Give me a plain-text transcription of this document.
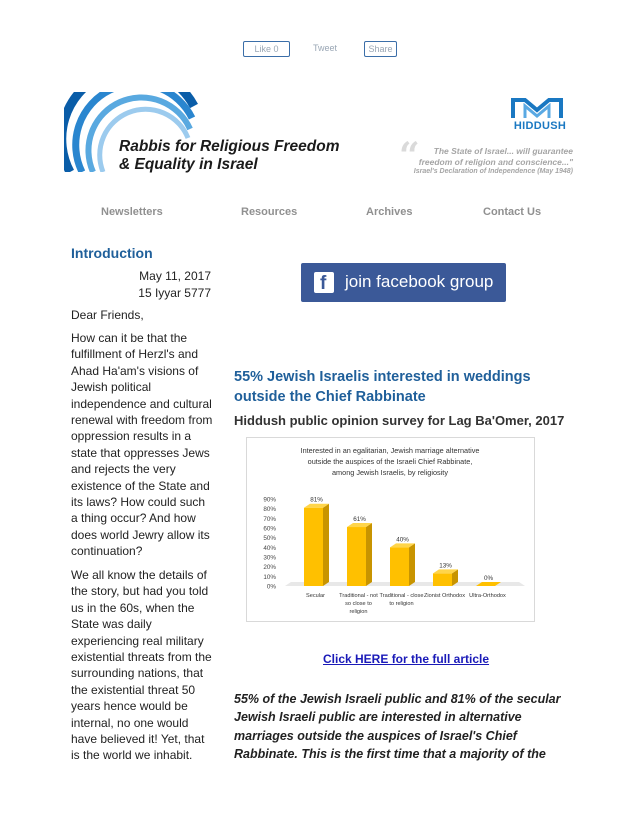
Like 0	Tweet	Share
Rabbis for Religious Freedom
& Equality in Israel
HIDDUSH
“ The State of Israel... will guarantee
freedom of religion and conscience..."
Israel's Declaration of Independence (May 1948)
Newsletters	Resources	Archives	Contact Us
Introduction
May 11, 2017
15 Iyyar 5777
Dear Friends,
How can it be that the fulfillment of Herzl's and Ahad Ha'am's visions of Jewish political independence and cultural renewal with freedom from oppression results in a state that oppresses Jews and rejects the very existence of the State and its laws? How could such a thing occur? And how does world Jewry allow its continuation?
We all know the details of the story, but had you told us in the 60s, when the State was daily experiencing real military existential threats from the surrounding nations, that the existential threat 50 years hence would be internal, no one would have believed it! Yet, that is the world we inhabit.
f join facebook group
55% Jewish Israelis interested in weddings outside the Chief Rabbinate
Hiddush public opinion survey for Lag Ba'Omer, 2017
Interested in an egalitarian, Jewish marriage alternative
outside the auspices of the Israeli Chief Rabbinate,
among Jewish Israelis, by religiosity
0%
10%
20%
30%
40%
50%
60%
70%
80%
90%	81%
Secular
61%
Traditional - not
so close to
religion
40%
Traditional - close
to religion
13%
Zionist Orthodox
0%
Ultra-Orthodox
Click HERE for the full article
55% of the Jewish Israeli public and 81% of the secular Jewish Israeli public are interested in alternative marriages outside the auspices of Israel's Chief Rabbinate. This is the first time that a majority of the
